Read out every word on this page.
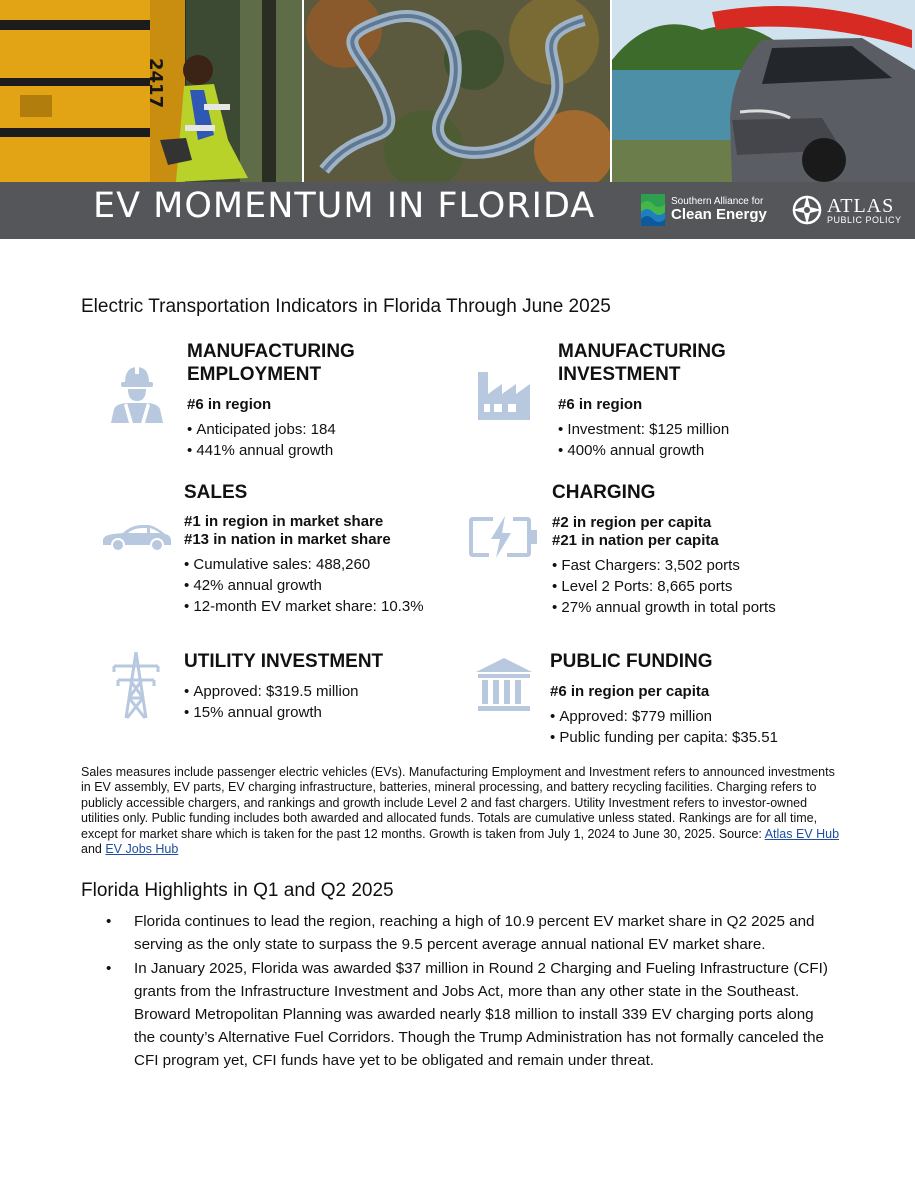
2417
EV MOMENTUM IN FLORIDA	Southern Alliance for
Clean Energy	ATLAS
PUBLIC POLICY
Electric Transportation Indicators in Florida Through June 2025
MANUFACTURING
EMPLOYMENT
#6 in region
• Anticipated jobs: 184
• 441% annual growth
MANUFACTURING
INVESTMENT
#6 in region
• Investment: $125 million
• 400% annual growth
SALES
#1 in region in market share
#13 in nation in market share
• Cumulative sales: 488,260
• 42% annual growth
• 12-month EV market share: 10.3%
CHARGING
#2 in region per capita
#21 in nation per capita
• Fast Chargers: 3,502 ports
• Level 2 Ports: 8,665 ports
• 27% annual growth in total ports
UTILITY INVESTMENT
• Approved: $319.5 million
• 15% annual growth
PUBLIC FUNDING
#6 in region per capita
• Approved: $779 million
• Public funding per capita: $35.51

Sales measures include passenger electric vehicles (EVs). Manufacturing Employment and Investment refers to announced investments in EV assembly, EV parts, EV charging infrastructure, batteries, mineral processing, and battery recycling facilities. Charging refers to publicly accessible chargers, and rankings and growth include Level 2 and fast chargers. Utility Investment refers to investor-owned utilities only. Public funding includes both awarded and allocated funds. Totals are cumulative unless stated. Rankings are for all time, except for market share which is taken for the past 12 months. Growth is taken from July 1, 2024 to June 30, 2025. Source: Atlas EV Hub and EV Jobs Hub

Florida Highlights in Q1 and Q2 2025
• Florida continues to lead the region, reaching a high of 10.9 percent EV market share in Q2 2025 and serving as the only state to surpass the 9.5 percent average annual national EV market share.
• In January 2025, Florida was awarded $37 million in Round 2 Charging and Fueling Infrastructure (CFI) grants from the Infrastructure Investment and Jobs Act, more than any other state in the Southeast. Broward Metropolitan Planning was awarded nearly $18 million to install 339 EV charging ports along the county’s Alternative Fuel Corridors. Though the Trump Administration has not formally canceled the CFI program yet, CFI funds have yet to be obligated and remain under threat.
